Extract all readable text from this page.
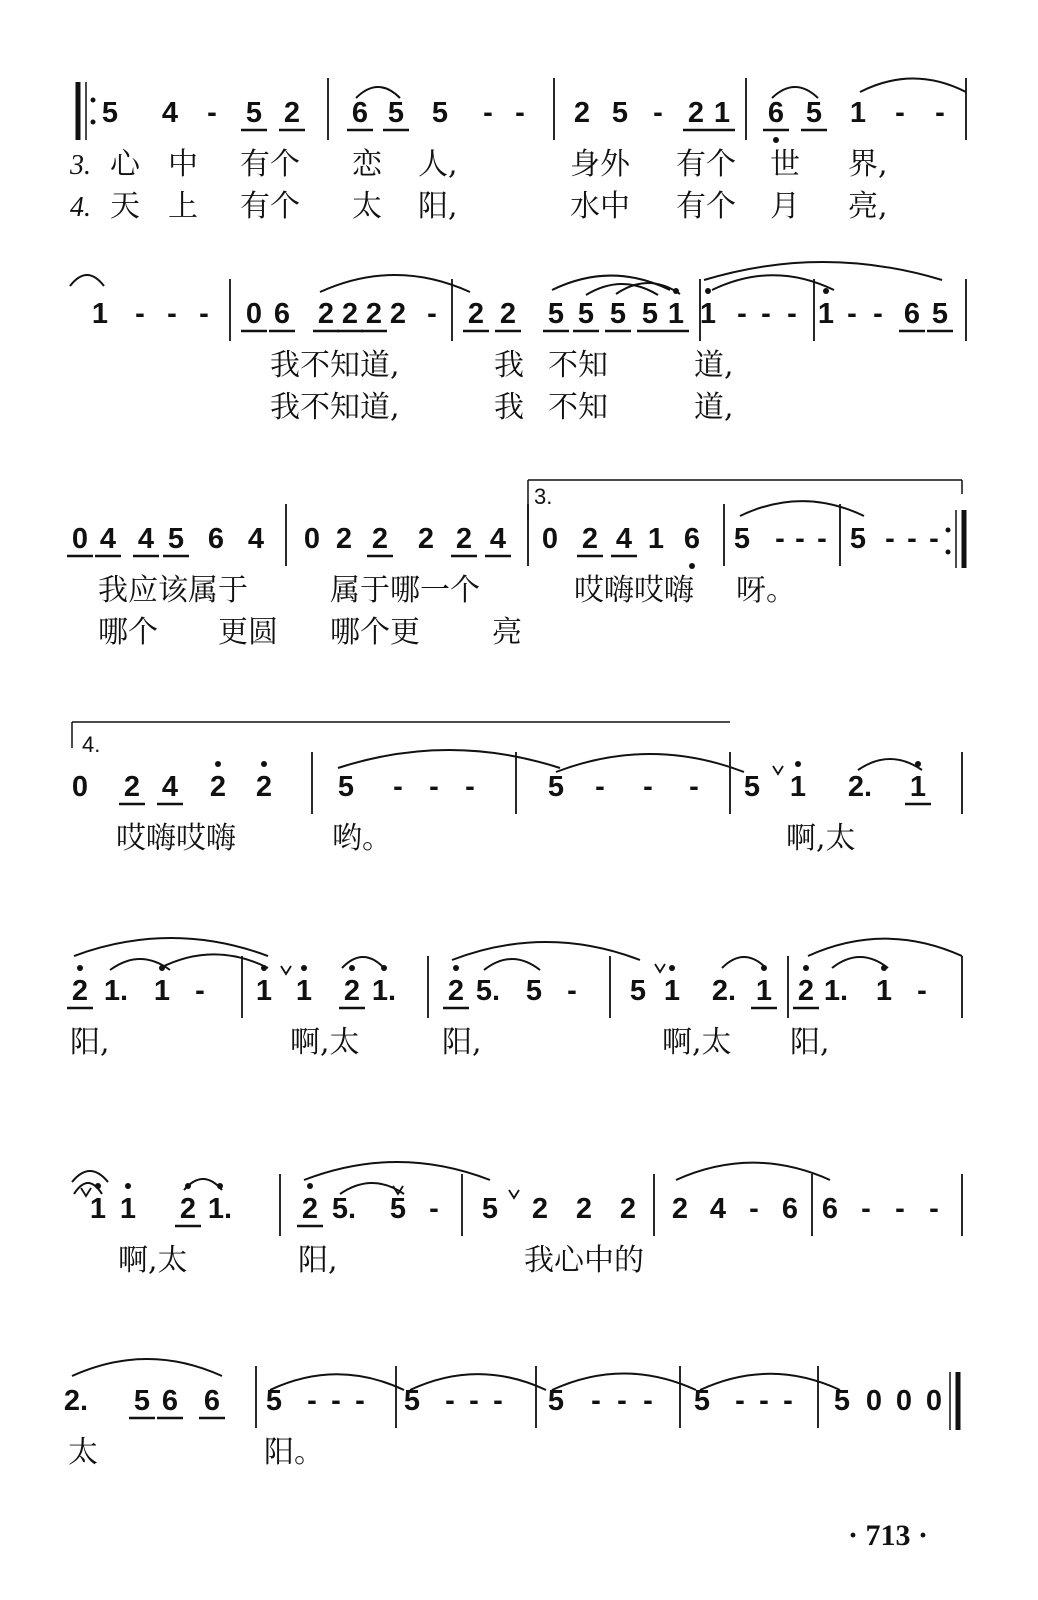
3.
4.
5 4 - 5 2 6 5 5 - - 2 5 - 2 1 6 5 1 - -
1 - - - 0 6 2 2 2 2 - 2 2 5 5 5 5 1 1 - - - 1 - - 6 5
0 4 4 5 6 4 0 2 2 2 2 4 0 2 4 1 6 5 - - - 5 - - -
0 2 4 2 2 5 - - -	5 - - - 5 1 2. 1
2 1. 1 - 1 1 2 1. 2 5. 5 - 5 1 2. 1 2 1. 1 -
1 1 2 1. 2 5. 5 - 5 2 2 2 2 4 - 6 6 - - -
2. 5 6 6 5 - - - 5 - - - 5 - - - 5 - - - 5 0 0 0
3. 心 中 有个 恋 人,	身外 有个 世 界,
4. 天 上 有个 太 阳,	水中 有个 月 亮,
我不知道,	我 不知	道,
我不知道,	我 不知	道,
我应该属于	属于哪一个	哎嗨哎嗨 呀。
哪个 更圆 哪个更 亮
哎嗨哎嗨	哟。	啊,太
阳,	啊,太	阳,	啊,太 阳,
啊,太	阳,	我心中的
太	阳。
· 713 ·
